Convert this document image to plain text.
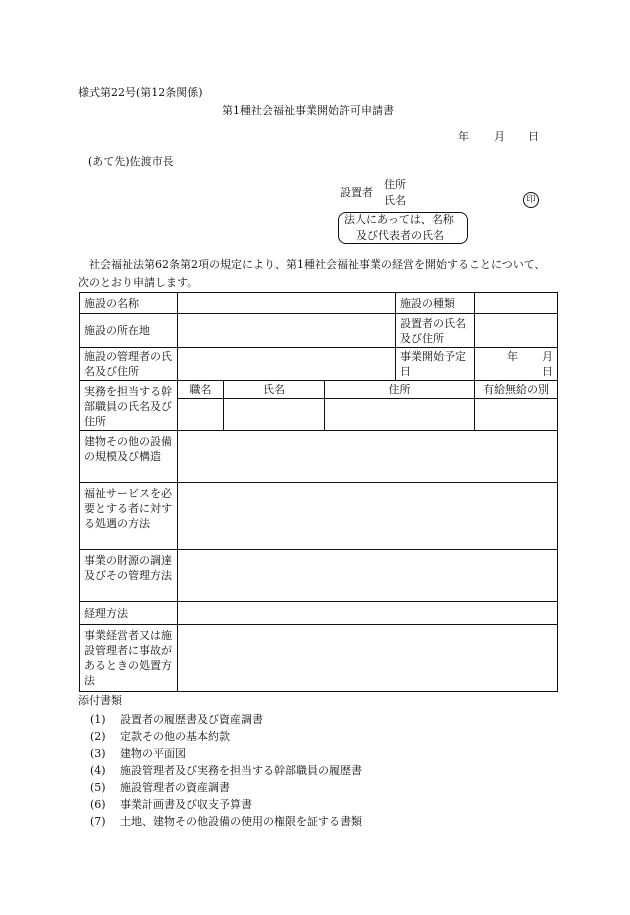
様式第22号(第12条関係)
第1種社会福祉事業開始許可申請書
年 月 日
(あて先)佐渡市長
設置者
住所
氏名	印
法人にあっては、名称
及び代表者の氏名
社会福祉法第62条第2項の規定により、第1種社会福祉事業の経営を開始することについて、次のとおり申請します。
施設の名称				施設の種類	
施設の所在地				設置者の氏名及び住所	
施設の管理者の氏名及び住所				事業開始予定日	年 月日
実務を担当する幹部職員の氏名及び住所	職名	氏名	住所		有給無給の別

建物その他の設備の規模及び構造					
福祉サービスを必要とする者に対する処遇の方法					
事業の財源の調達及びその管理方法					
経理方法					
事業経営者又は施設管理者に事故があるときの処置方法					
添付書類
(1) 設置者の履歴書及び資産調書
(2) 定款その他の基本約款
(3) 建物の平面図
(4) 施設管理者及び実務を担当する幹部職員の履歴書
(5) 施設管理者の資産調書
(6) 事業計画書及び収支予算書
(7) 土地、建物その他設備の使用の権限を証する書類
